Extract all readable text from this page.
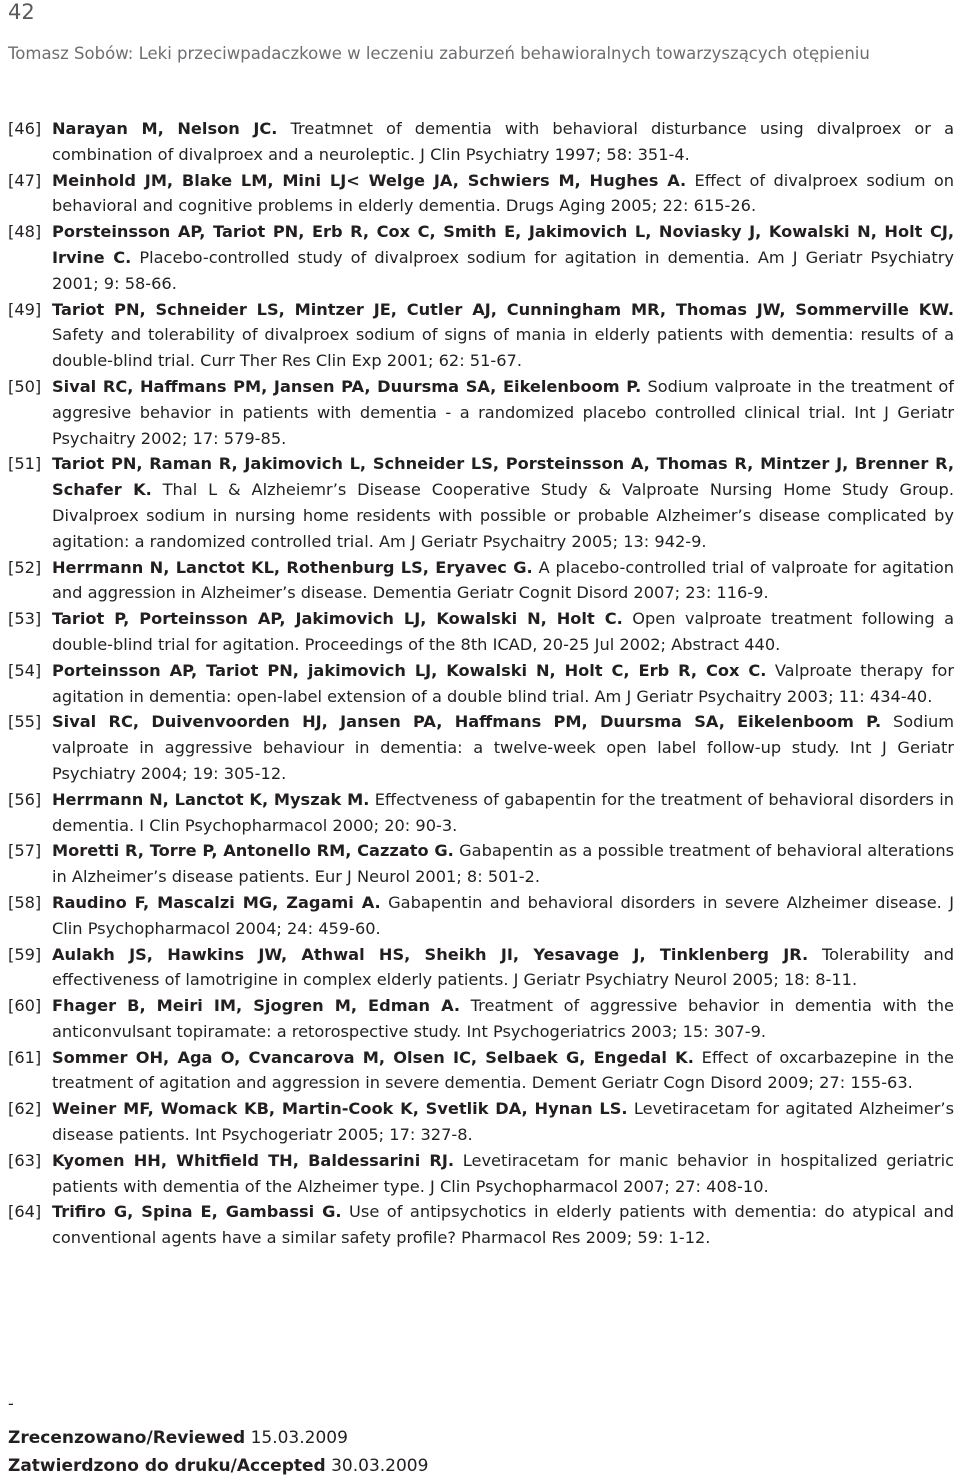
42
Tomasz Sobów: Leki przeciwpadaczkowe w leczeniu zaburzeń behawioralnych towarzyszących otępieniu
[46] Narayan M, Nelson JC. Treatmnet of dementia with behavioral disturbance using divalproex or a combination of divalproex and a neuroleptic. J Clin Psychiatry 1997; 58: 351-4.
[47] Meinhold JM, Blake LM, Mini LJ< Welge JA, Schwiers M, Hughes A. Effect of divalproex sodium on behavioral and cognitive problems in elderly dementia. Drugs Aging 2005; 22: 615-26.
[48] Porsteinsson AP, Tariot PN, Erb R, Cox C, Smith E, Jakimovich L, Noviasky J, Kowalski N, Holt CJ, Irvine C. Placebo-controlled study of divalproex sodium for agitation in dementia. Am J Geriatr Psychiatry 2001; 9: 58-66.
[49] Tariot PN, Schneider LS, Mintzer JE, Cutler AJ, Cunningham MR, Thomas JW, Sommerville KW. Safety and tolerability of divalproex sodium of signs of mania in elderly patients with dementia: results of a double-blind trial. Curr Ther Res Clin Exp 2001; 62: 51-67.
[50] Sival RC, Haffmans PM, Jansen PA, Duursma SA, Eikelenboom P. Sodium valproate in the treatment of aggresive behavior in patients with dementia - a randomized placebo controlled clinical trial. Int J Geriatr Psychaitry 2002; 17: 579-85.
[51] Tariot PN, Raman R, Jakimovich L, Schneider LS, Porsteinsson A, Thomas R, Mintzer J, Brenner R, Schafer K. Thal L & Alzheiemr’s Disease Cooperative Study & Valproate Nursing Home Study Group. Divalproex sodium in nursing home residents with possible or probable Alzheimer’s disease complicated by agitation: a randomized controlled trial. Am J Geriatr Psychaitry 2005; 13: 942-9.
[52] Herrmann N, Lanctot KL, Rothenburg LS, Eryavec G. A placebo-controlled trial of valproate for agitation and aggression in Alzheimer’s disease. Dementia Geriatr Cognit Disord 2007; 23: 116-9.
[53] Tariot P, Porteinsson AP, Jakimovich LJ, Kowalski N, Holt C. Open valproate treatment following a double-blind trial for agitation. Proceedings of the 8th ICAD, 20-25 Jul 2002; Abstract 440.
[54] Porteinsson AP, Tariot PN, jakimovich LJ, Kowalski N, Holt C, Erb R, Cox C. Valproate therapy for agitation in dementia: open-label extension of a double blind trial. Am J Geriatr Psychaitry 2003; 11: 434-40.
[55] Sival RC, Duivenvoorden HJ, Jansen PA, Haffmans PM, Duursma SA, Eikelenboom P. Sodium valproate in aggressive behaviour in dementia: a twelve-week open label follow-up study. Int J Geriatr Psychiatry 2004; 19: 305-12.
[56] Herrmann N, Lanctot K, Myszak M. Effectveness of gabapentin for the treatment of behavioral disorders in dementia. I Clin Psychopharmacol 2000; 20: 90-3.
[57] Moretti R, Torre P, Antonello RM, Cazzato G. Gabapentin as a possible treatment of behavioral alterations in Alzheimer’s disease patients. Eur J Neurol 2001; 8: 501-2.
[58] Raudino F, Mascalzi MG, Zagami A. Gabapentin and behavioral disorders in severe Alzheimer disease. J Clin Psychopharmacol 2004; 24: 459-60.
[59] Aulakh JS, Hawkins JW, Athwal HS, Sheikh JI, Yesavage J, Tinklenberg JR. Tolerability and effectiveness of lamotrigine in complex elderly patients. J Geriatr Psychiatry Neurol 2005; 18: 8-11.
[60] Fhager B, Meiri IM, Sjogren M, Edman A. Treatment of aggressive behavior in dementia with the anticonvulsant topiramate: a retorospective study. Int Psychogeriatrics 2003; 15: 307-9.
[61] Sommer OH, Aga O, Cvancarova M, Olsen IC, Selbaek G, Engedal K. Effect of oxcarbazepine in the treatment of agitation and aggression in severe dementia. Dement Geriatr Cogn Disord 2009; 27: 155-63.
[62] Weiner MF, Womack KB, Martin-Cook K, Svetlik DA, Hynan LS. Levetiracetam for agitated Alzheimer’s disease patients. Int Psychogeriatr 2005; 17: 327-8.
[63] Kyomen HH, Whitfield TH, Baldessarini RJ. Levetiracetam for manic behavior in hospitalized geriatric patients with dementia of the Alzheimer type. J Clin Psychopharmacol 2007; 27: 408-10.
[64] Trifiro G, Spina E, Gambassi G. Use of antipsychotics in elderly patients with dementia: do atypical and conventional agents have a similar safety profile? Pharmacol Res 2009; 59: 1-12.
-
Zrecenzowano/Reviewed 15.03.2009
Zatwierdzono do druku/Accepted 30.03.2009
